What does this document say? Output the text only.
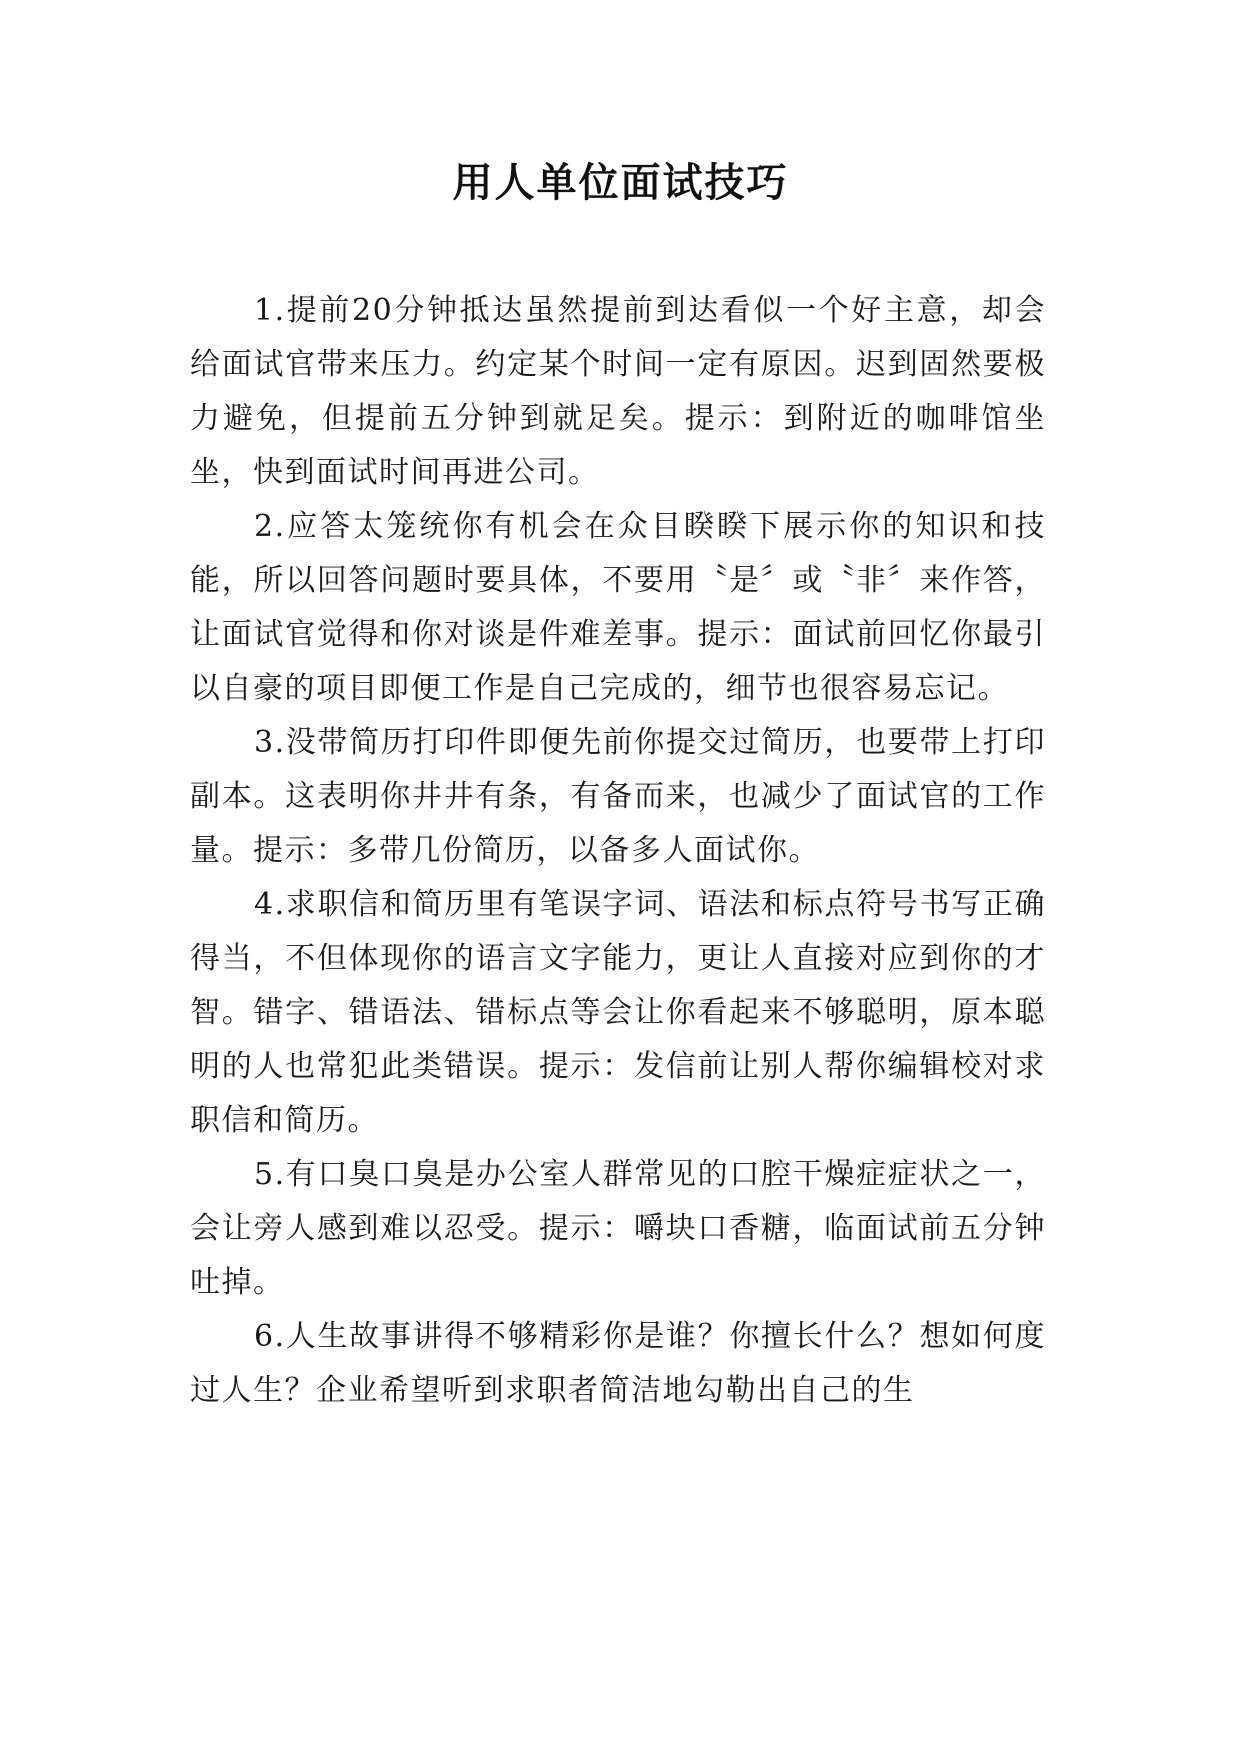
用人单位面试技巧

1.提前20分钟抵达虽然提前到达看似一个好主意，却会给面试官带来压力。约定某个时间一定有原因。迟到固然要极力避免，但提前五分钟到就足矣。提示：到附近的咖啡馆坐坐，快到面试时间再进公司。

2.应答太笼统你有机会在众目睽睽下展示你的知识和技能，所以回答问题时要具体，不要用〝是〞或〝非〞来作答，让面试官觉得和你对谈是件难差事。提示：面试前回忆你最引以自豪的项目即便工作是自己完成的，细节也很容易忘记。

3.没带简历打印件即便先前你提交过简历，也要带上打印副本。这表明你井井有条，有备而来，也减少了面试官的工作量。提示：多带几份简历，以备多人面试你。

4.求职信和简历里有笔误字词、语法和标点符号书写正确得当，不但体现你的语言文字能力，更让人直接对应到你的才智。错字、错语法、错标点等会让你看起来不够聪明，原本聪明的人也常犯此类错误。提示：发信前让别人帮你编辑校对求职信和简历。

5.有口臭口臭是办公室人群常见的口腔干燥症症状之一，会让旁人感到难以忍受。提示：嚼块口香糖，临面试前五分钟吐掉。

6.人生故事讲得不够精彩你是谁？你擅长什么？想如何度过人生？企业希望听到求职者简洁地勾勒出自己的生
